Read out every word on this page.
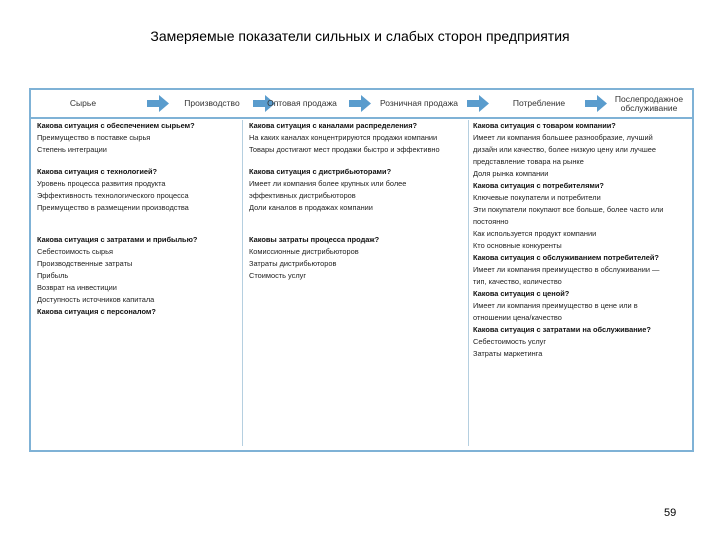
Замеряемые показатели сильных и слабых сторон предприятия
Сырье	Производство	Оптовая продажа	Розничная продажа	Потребление	Послепродажное обслуживание
Какова ситуация с обеспечением сырьем?
Преимущество в поставке сырья
Степень интеграции
Какова ситуация с технологией?
Уровень процесса развития продукта
Эффективность технологического процесса
Преимущество в размещении производства
Какова ситуация с затратами и прибылью?
Себестоимость сырья
Производственные затраты
Прибыль
Возврат на инвестиции
Доступность источников капитала
Какова ситуация с персоналом?
Какова ситуация с каналами распределения?
На каких каналах концентрируются продажи компании
Товары достигают мест продажи быстро и эффективно
Какова ситуация с дистрибьюторами?
Имеет ли компания более крупных или более
эффективных дистрибьюторов
Доли каналов в продажах компании
Каковы затраты процесса продаж?
Комиссионные дистрибьюторов
Затраты дистрибьюторов
Стоимость услуг
Какова ситуация с товаром компании?
Имеет ли компания большее разнообразие, лучший
дизайн или качество, более низкую цену или лучшее
представление товара на рынке
Доля рынка компании
Какова ситуация с потребителями?
Ключевые покупатели и потребители
Эти покупатели покупают все больше, более часто или
постоянно
Как используется продукт компании
Кто основные конкуренты
Какова ситуация с обслуживанием потребителей?
Имеет ли компания преимущество в обслуживании —
тип, качество, количество
Какова ситуация с ценой?
Имеет ли компания преимущество в цене или в
отношении цена/качество
Какова ситуация с затратами на обслуживание?
Себестоимость услуг
Затраты маркетинга
59
